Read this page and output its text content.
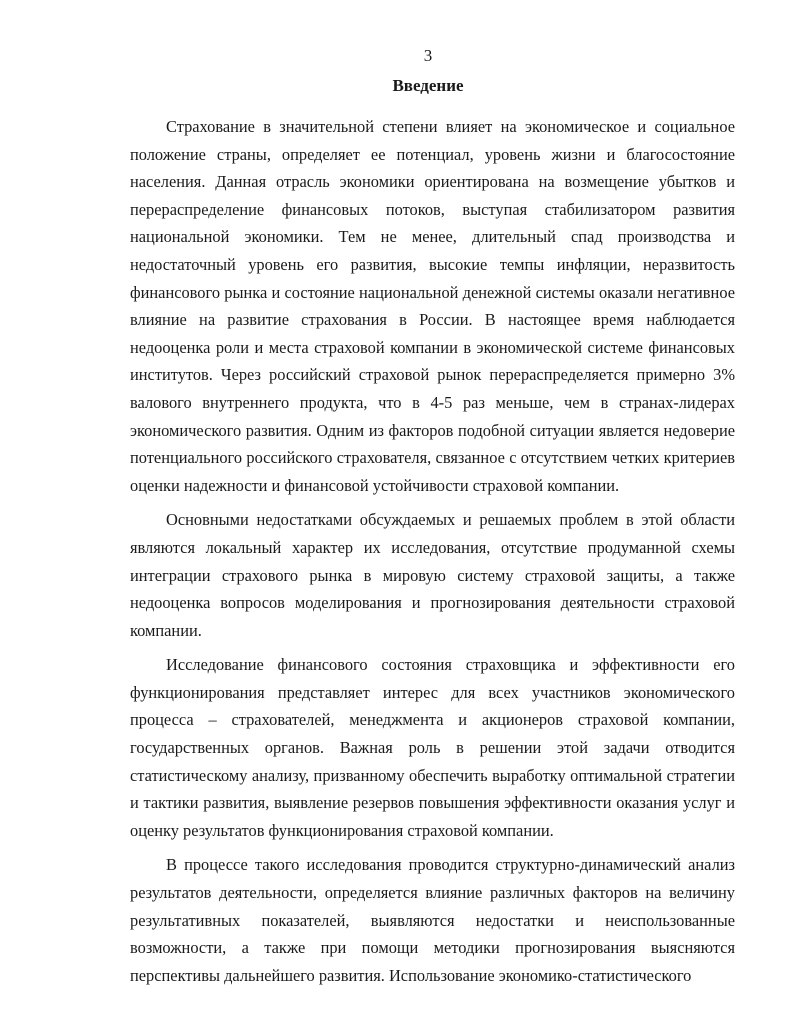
3
Введение

Страхование в значительной степени влияет на экономическое и социальное положение страны, определяет ее потенциал, уровень жизни и благосостояние населения. Данная отрасль экономики ориентирована на возмещение убытков и перераспределение финансовых потоков, выступая стабилизатором развития национальной экономики. Тем не менее, длительный спад производства и недостаточный уровень его развития, высокие темпы инфляции, неразвитость финансового рынка и состояние национальной денежной системы оказали негативное влияние на развитие страхования в России. В настоящее время наблюдается недооценка роли и места страховой компании в экономической системе финансовых институтов. Через российский страховой рынок перераспределяется примерно 3% валового внутреннего продукта, что в 4-5 раз меньше, чем в странах-лидерах экономического развития. Одним из факторов подобной ситуации является недоверие потенциального российского страхователя, связанное с отсутствием четких критериев оценки надежности и финансовой устойчивости страховой компании.

Основными недостатками обсуждаемых и решаемых проблем в этой области являются локальный характер их исследования, отсутствие продуманной схемы интеграции страхового рынка в мировую систему страховой защиты, а также недооценка вопросов моделирования и прогнозирования деятельности страховой компании.

Исследование финансового состояния страховщика и эффективности его функционирования представляет интерес для всех участников экономического процесса – страхователей, менеджмента и акционеров страховой компании, государственных органов. Важная роль в решении этой задачи отводится статистическому анализу, призванному обеспечить выработку оптимальной стратегии и тактики развития, выявление резервов повышения эффективности оказания услуг и оценку результатов функционирования страховой компании.

В процессе такого исследования проводится структурно-динамический анализ результатов деятельности, определяется влияние различных факторов на величину результативных показателей, выявляются недостатки и неиспользованные возможности, а также при помощи методики прогнозирования выясняются перспективы дальнейшего развития. Использование экономико-статистического
